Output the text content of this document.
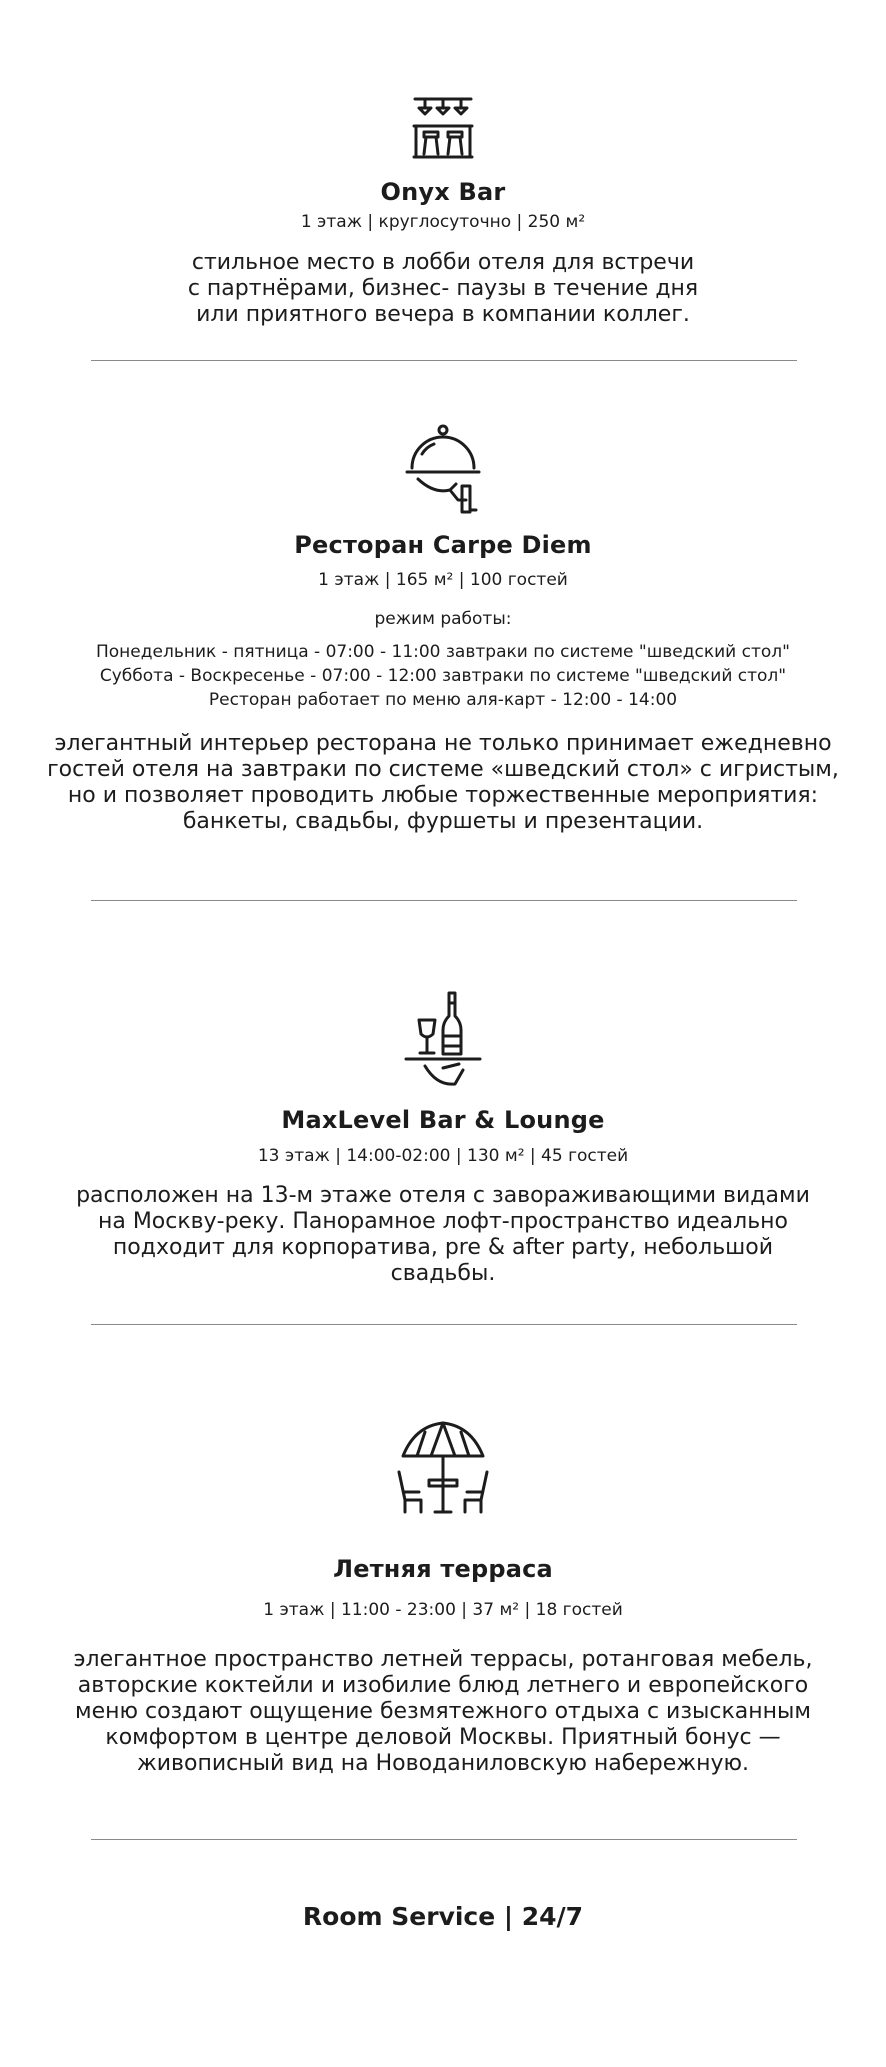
Onyx Bar
1 этаж | круглосуточно | 250 м²
стильное место в лобби отеля для встречи
с партнёрами, бизнес- паузы в течение дня
или приятного вечера в компании коллег.
Ресторан Carpe Diem
1 этаж | 165 м² | 100 гостей
режим работы:
Понедельник - пятница - 07:00 - 11:00 завтраки по системе "шведский стол"
Суббота - Воскресенье - 07:00 - 12:00 завтраки по системе "шведский стол"
Ресторан работает по меню аля-карт - 12:00 - 14:00
элегантный интерьер ресторана не только принимает ежедневно
гостей отеля на завтраки по системе «шведский стол» с игристым,
но и позволяет проводить любые торжественные мероприятия:
банкеты, свадьбы, фуршеты и презентации.
MaxLevel Bar & Lounge
13 этаж | 14:00-02:00 | 130 м² | 45 гостей
расположен на 13-м этаже отеля с завораживающими видами
на Москву-реку. Панорамное лофт-пространство идеально
подходит для корпоратива, pre & after party, небольшой
свадьбы.
Летняя терраса
1 этаж | 11:00 - 23:00 | 37 м² | 18 гостей
элегантное пространство летней террасы, ротанговая мебель,
авторские коктейли и изобилие блюд летнего и европейского
меню создают ощущение безмятежного отдыха с изысканным
комфортом в центре деловой Москвы. Приятный бонус —
живописный вид на Новоданиловскую набережную.
Room Service | 24/7
